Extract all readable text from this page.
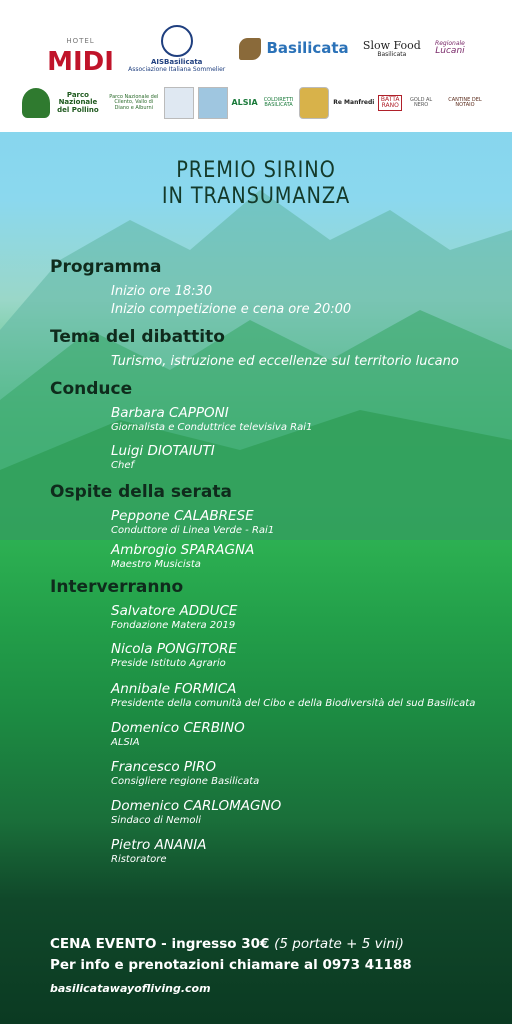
HOTEL
MIDI	AISBasilicata
Associazione Italiana Sommelier
Basilicata Slow Food
Basilicata
Regionale
Lucani
Parco Nazionale del Pollino
Parco Nazionale del Cilento, Vallo di Diano e Alburni
ALSIA	COLDIRETTI BASILICATA	Re Manfredi BATTARANO
GOLD AL NERO
CANTINE DEL NOTAIO
PREMIO SIRINO
IN TRANSUMANZA
Programma
Inizio ore 18:30
Inizio competizione e cena ore 20:00
Tema del dibattito
Turismo, istruzione ed eccellenze sul territorio lucano
Conduce
Barbara CAPPONI
Giornalista e Conduttrice televisiva Rai1
Luigi DIOTAIUTI
Chef
Ospite della serata
Peppone CALABRESE
Conduttore di Linea Verde - Rai1
Ambrogio SPARAGNA
Maestro Musicista
Interverranno
Salvatore ADDUCE
Fondazione Matera 2019
Nicola PONGITORE
Preside Istituto Agrario
Annibale FORMICA
Presidente della comunità del Cibo e della Biodiversità del sud Basilicata
Domenico CERBINO
ALSIA
Francesco PIRO
Consigliere regione Basilicata
Domenico CARLOMAGNO
Sindaco di Nemoli
Pietro ANANIA
Ristoratore
CENA EVENTO - ingresso 30€ (5 portate + 5 vini)
Per info e prenotazioni chiamare al 0973 41188
basilicatawayofliving.com
